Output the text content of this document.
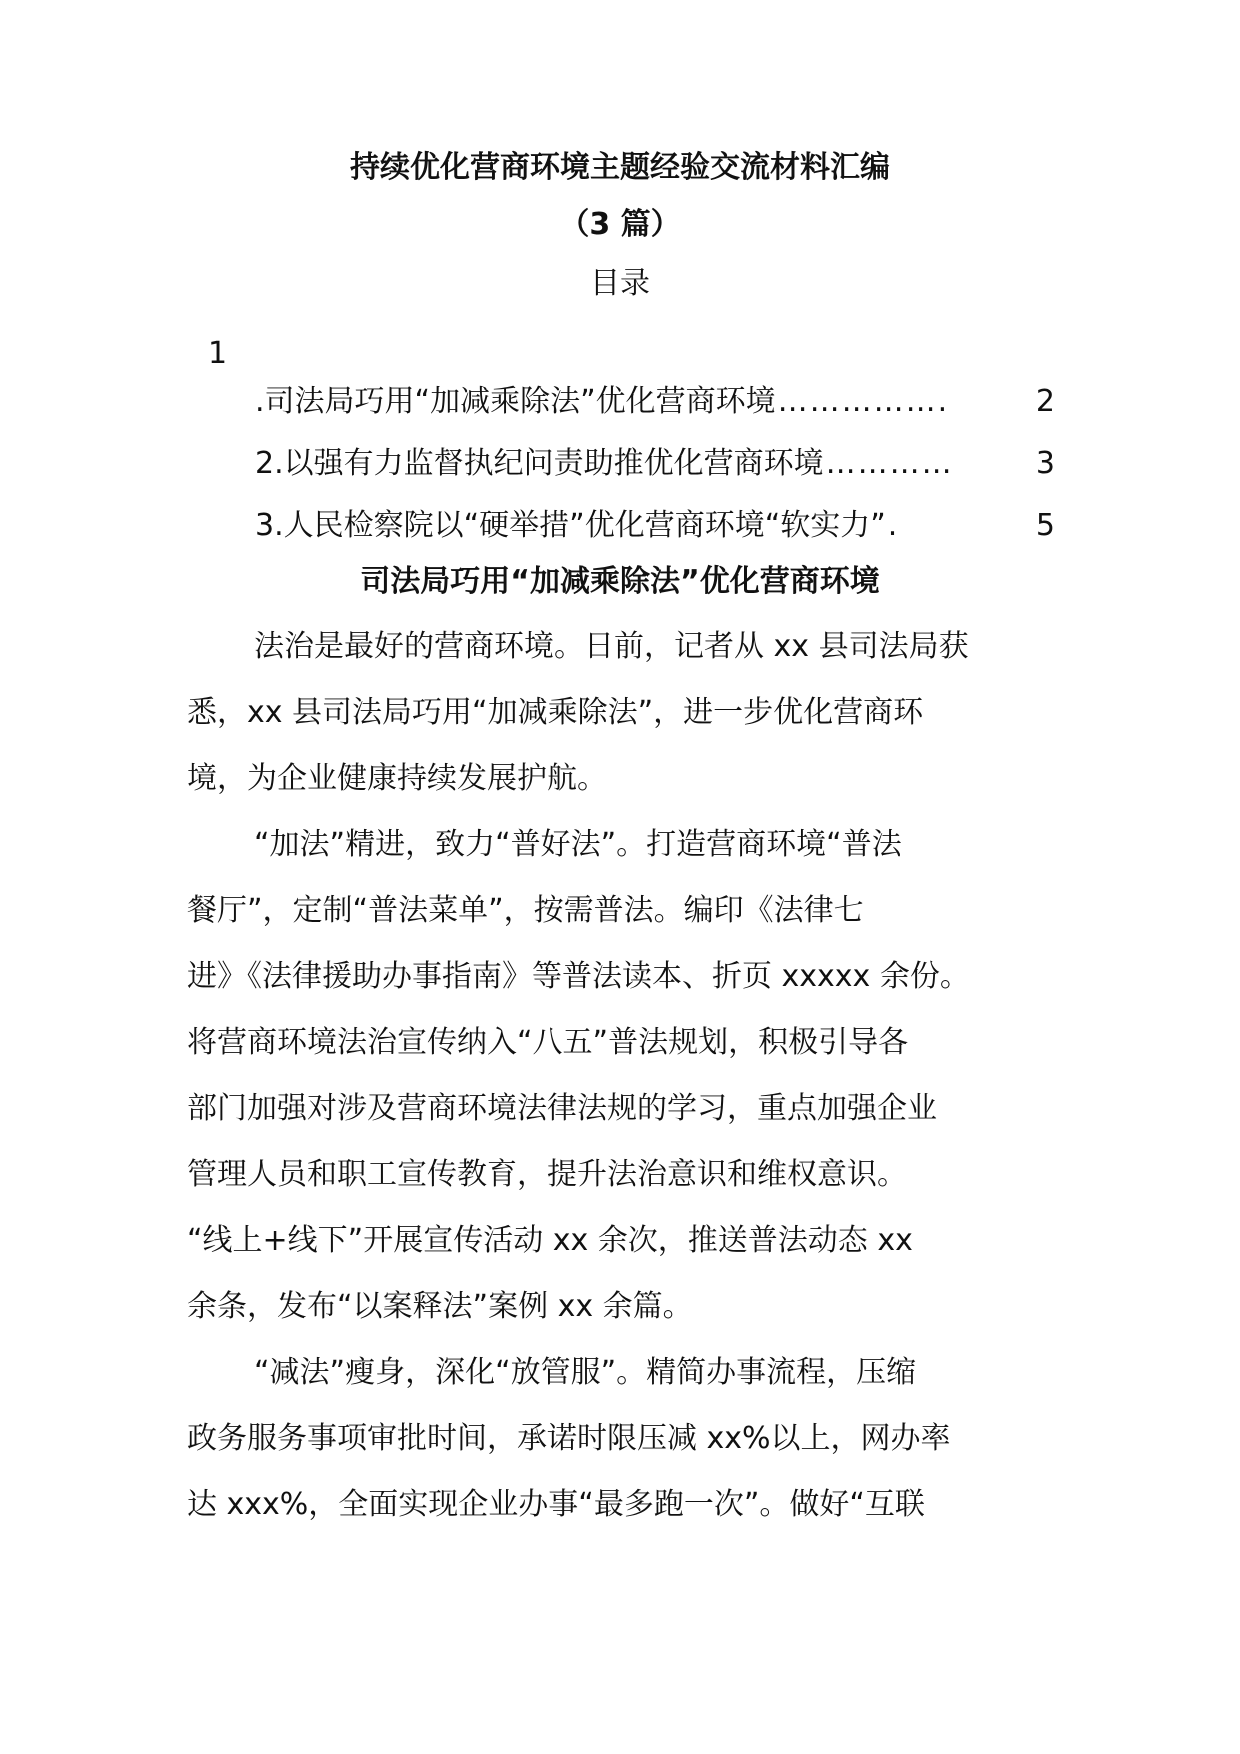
持续优化营商环境主题经验交流材料汇编
（3 篇）
目录
1
.司法局巧用“加减乘除法”优化营商环境 …………….	2
2.以强有力监督执纪问责助推优化营商环境 …………	3
3.人民检察院以“硬举措”优化营商环境“软实力” .	5
司法局巧用“加减乘除法”优化营商环境
法治是最好的营商环境。日前，记者从 xx 县司法局获
悉，xx 县司法局巧用“加减乘除法”，进一步优化营商环
境，为企业健康持续发展护航。
“加法”精进，致力“普好法”。打造营商环境“普法
餐厅”，定制“普法菜单”，按需普法。编印《法律七
进》《法律援助办事指南》等普法读本、折页 xxxxx 余份。
将营商环境法治宣传纳入“八五”普法规划，积极引导各
部门加强对涉及营商环境法律法规的学习，重点加强企业
管理人员和职工宣传教育，提升法治意识和维权意识。
“线上+线下”开展宣传活动 xx 余次，推送普法动态 xx
余条，发布“以案释法”案例 xx 余篇。
“减法”瘦身，深化“放管服”。精简办事流程，压缩
政务服务事项审批时间，承诺时限压减 xx%以上，网办率
达 xxx%，全面实现企业办事“最多跑一次”。做好“互联
